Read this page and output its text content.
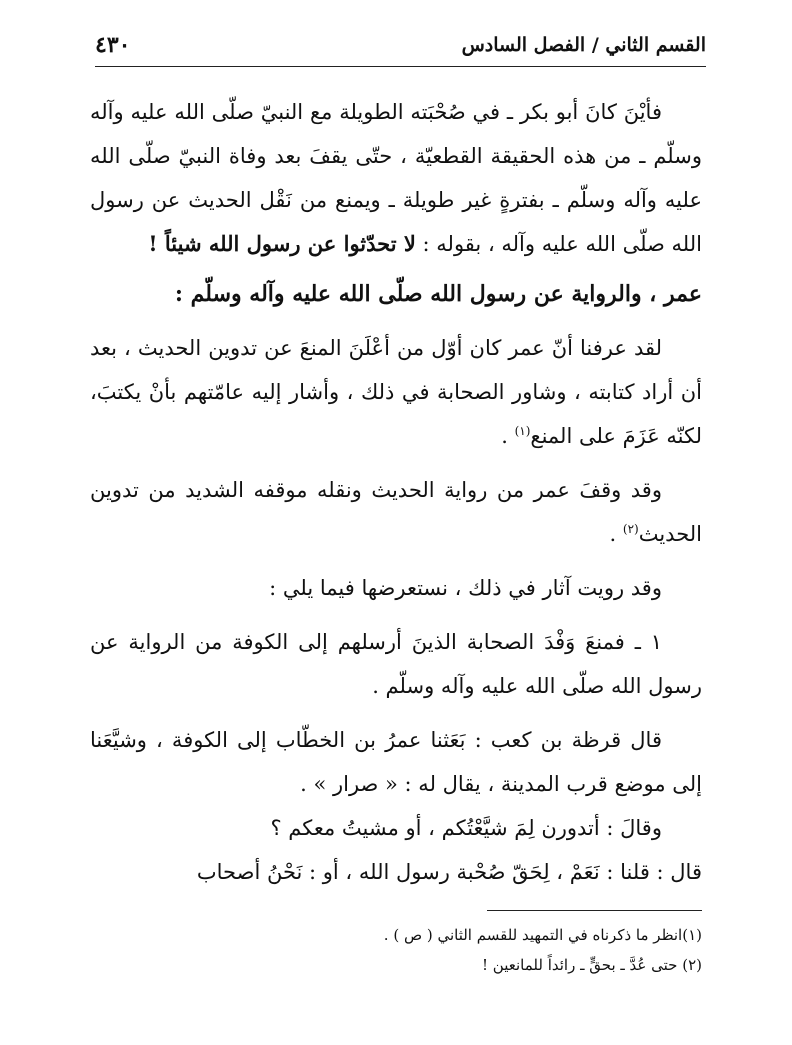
القسم الثاني / الفصل السادس
٤٣٠

فأيْنَ كانَ أبو بكر ـ في صُحْبَته الطويلة مع النبيّ صلّى الله عليه وآله وسلّم ـ من هذه الحقيقة القطعيّة ، حتّى يقفَ بعد وفاة النبيّ صلّى الله عليه وآله وسلّم ـ بفترةٍ غير طويلة ـ ويمنع من نَقْل الحديث عن رسول الله صلّى الله عليه وآله ، بقوله : لا تحدّثوا عن رسول الله شيئاً !

عمر ، والرواية عن رسول الله صلّى الله عليه وآله وسلّم :

لقد عرفنا أنّ عمر كان أوّل من أعْلَنَ المنعَ عن تدوين الحديث ، بعد أن أراد كتابته ، وشاور الصحابة في ذلك ، وأشار إليه عامّتهم بأنْ يكتبَ، لكنّه عَزَمَ على المنع$^{(١)}$ .

وقد وقفَ عمر من رواية الحديث ونقله موقفه الشديد من تدوين الحديث$^{(٢)}$ .

وقد رويت آثار في ذلك ، نستعرضها فيما يلي :

١ ـ فمنعَ وَفْدَ الصحابة الذينَ أرسلهم إلى الكوفة من الرواية عن رسول الله صلّى الله عليه وآله وسلّم .

قال قرظة بن كعب : بَعَثنا عمرُ بن الخطّاب إلى الكوفة ، وشيَّعَنا إلى موضع قرب المدينة ، يقال له : « صرار » .

وقالَ : أتدورن لِمَ شيَّعْتُكم ، أو مشيتُ معكم ؟

قال : قلنا : نَعَمْ ، لِحَقّ صُحْبة رسول الله ، أو : نَحْنُ أصحاب

(١)انظر ما ذكرناه في التمهيد للقسم الثاني ( ص ) .

(٢) حتى عُدَّ ـ بحقٍّ ـ رائداً للمانعين !
